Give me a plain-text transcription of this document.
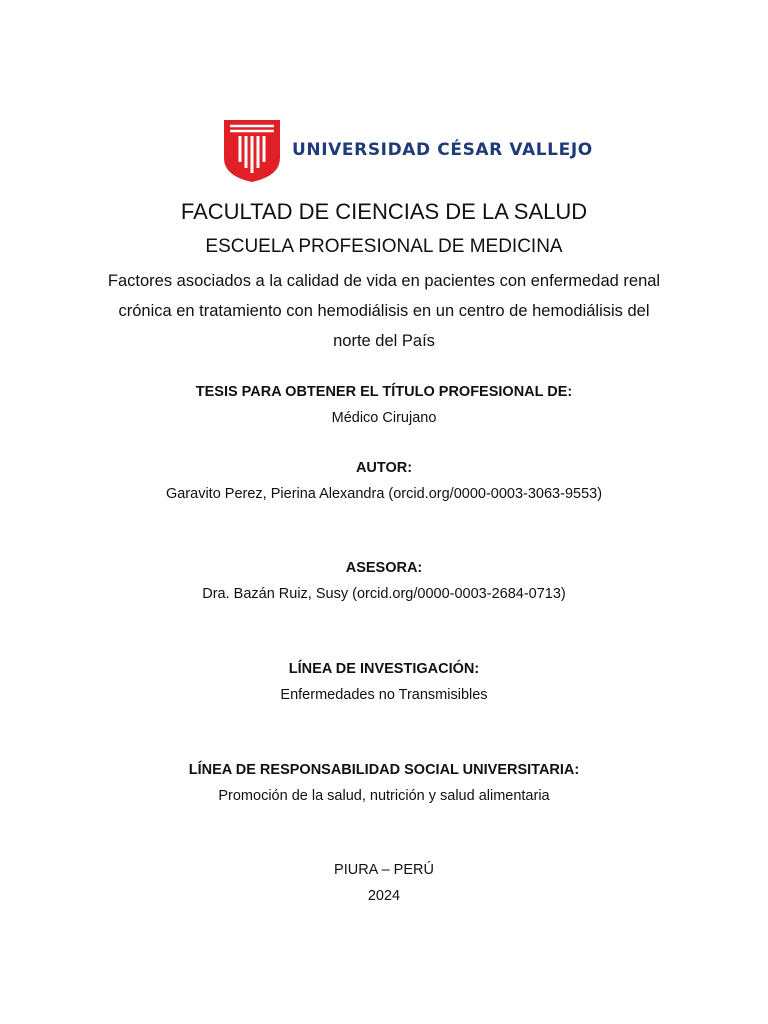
UNIVERSIDAD CÉSAR VALLEJO
FACULTAD DE CIENCIAS DE LA SALUD
ESCUELA PROFESIONAL DE MEDICINA
Factores asociados a la calidad de vida en pacientes con enfermedad renal
crónica en tratamiento con hemodiálisis en un centro de hemodiálisis del
norte del País
TESIS PARA OBTENER EL TÍTULO PROFESIONAL DE:
Médico Cirujano
AUTOR:
Garavito Perez, Pierina Alexandra (orcid.org/0000-0003-3063-9553)
ASESORA:
Dra. Bazán Ruiz, Susy (orcid.org/0000-0003-2684-0713)
LÍNEA DE INVESTIGACIÓN:
Enfermedades no Transmisibles
LÍNEA DE RESPONSABILIDAD SOCIAL UNIVERSITARIA:
Promoción de la salud, nutrición y salud alimentaria
PIURA – PERÚ
2024
